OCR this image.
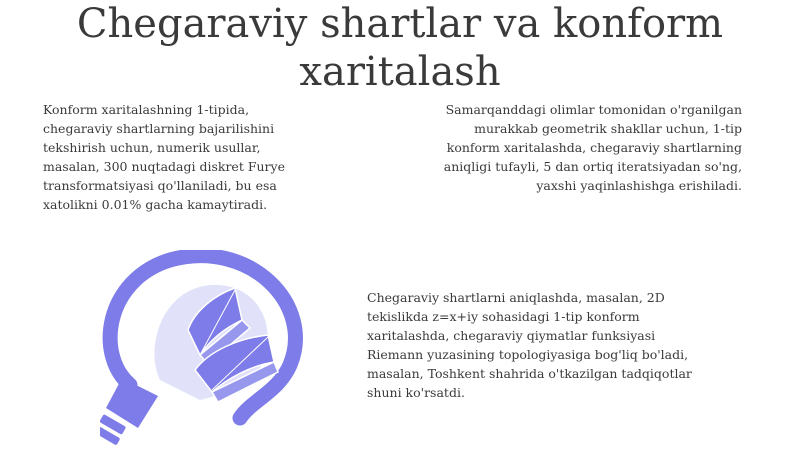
Chegaraviy shartlar va konform
xaritalash
Konform xaritalashning 1-tipida,
chegaraviy shartlarning bajarilishini
tekshirish uchun, numerik usullar,
masalan, 300 nuqtadagi diskret Furye
transformatsiyasi qo'llaniladi, bu esa
xatolikni 0.01% gacha kamaytiradi.
Samarqanddagi olimlar tomonidan o'rganilgan
murakkab geometrik shakllar uchun, 1-tip
konform xaritalashda, chegaraviy shartlarning
aniqligi tufayli, 5 dan ortiq iteratsiyadan so'ng,
yaxshi yaqinlashishga erishiladi.
Chegaraviy shartlarni aniqlashda, masalan, 2D
tekislikda z=x+iy sohasidagi 1-tip konform
xaritalashda, chegaraviy qiymatlar funksiyasi
Riemann yuzasining topologiyasiga bog'liq bo'ladi,
masalan, Toshkent shahrida o'tkazilgan tadqiqotlar
shuni ko'rsatdi.
